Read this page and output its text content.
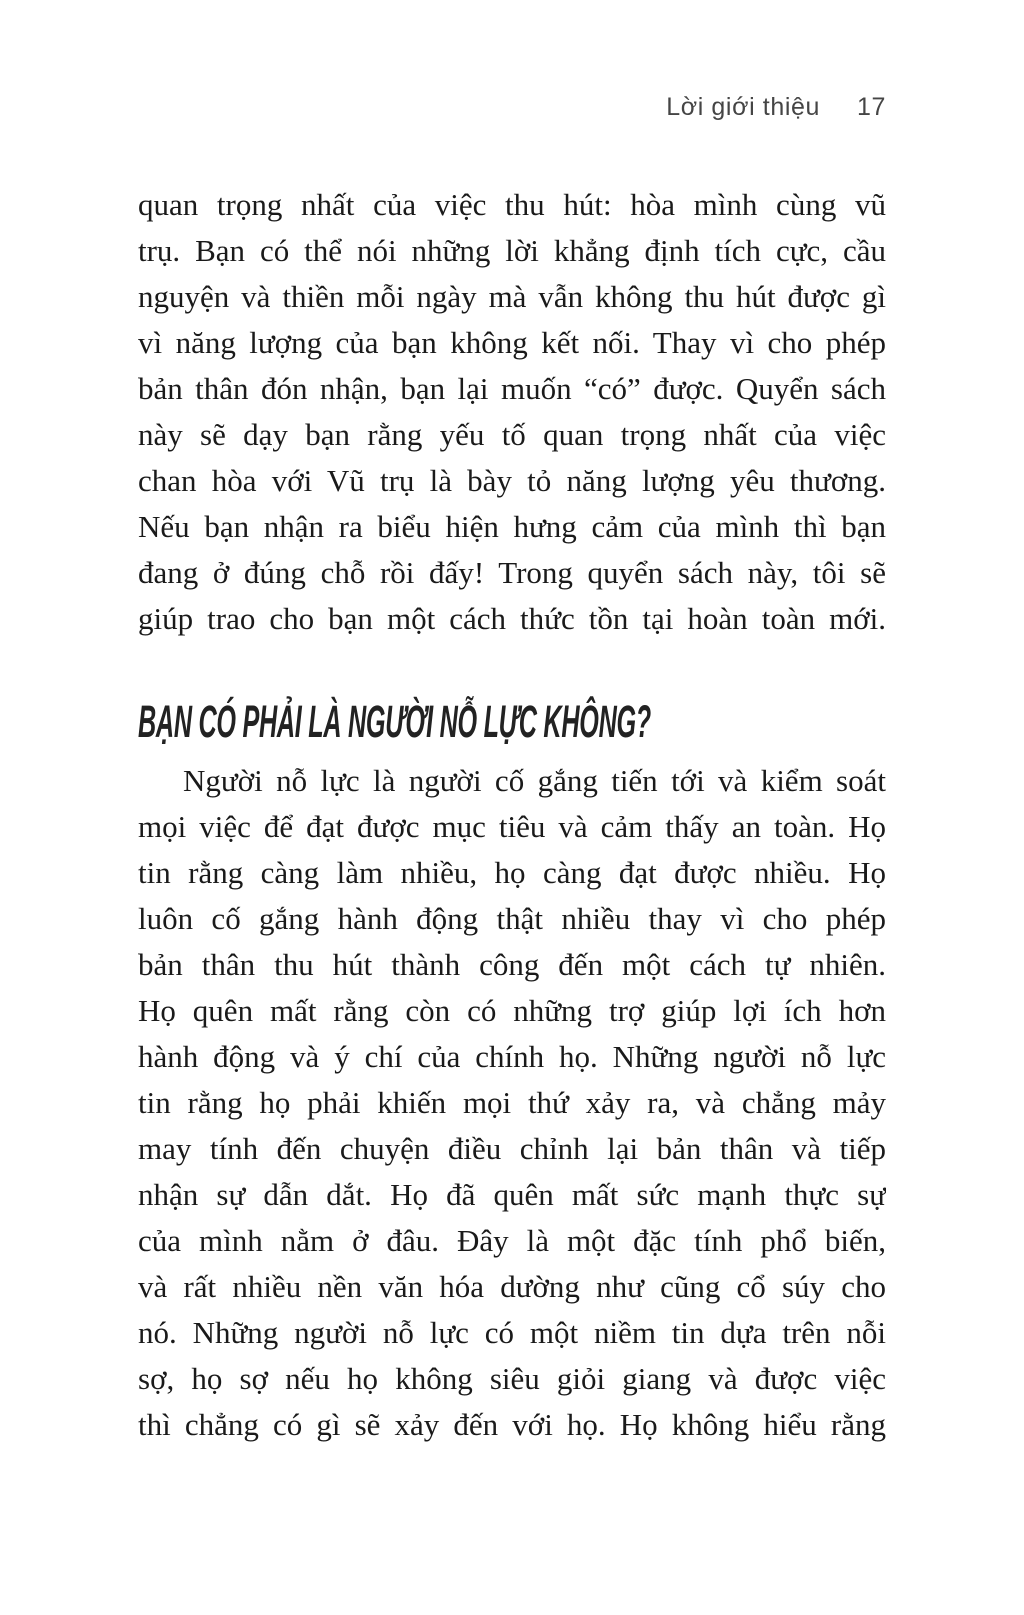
Lời giới thiệu 17
quan trọng nhất của việc thu hút: hòa mình cùng vũ
trụ. Bạn có thể nói những lời khẳng định tích cực, cầu
nguyện và thiền mỗi ngày mà vẫn không thu hút được gì
vì năng lượng của bạn không kết nối. Thay vì cho phép
bản thân đón nhận, bạn lại muốn “có” được. Quyển sách
này sẽ dạy bạn rằng yếu tố quan trọng nhất của việc
chan hòa với Vũ trụ là bày tỏ năng lượng yêu thương.
Nếu bạn nhận ra biểu hiện hưng cảm của mình thì bạn
đang ở đúng chỗ rồi đấy! Trong quyển sách này, tôi sẽ
giúp trao cho bạn một cách thức tồn tại hoàn toàn mới.
BẠN CÓ PHẢI LÀ NGƯỜI NỖ LỰC KHÔNG?
Người nỗ lực là người cố gắng tiến tới và kiểm soát
mọi việc để đạt được mục tiêu và cảm thấy an toàn. Họ
tin rằng càng làm nhiều, họ càng đạt được nhiều. Họ
luôn cố gắng hành động thật nhiều thay vì cho phép
bản thân thu hút thành công đến một cách tự nhiên.
Họ quên mất rằng còn có những trợ giúp lợi ích hơn
hành động và ý chí của chính họ. Những người nỗ lực
tin rằng họ phải khiến mọi thứ xảy ra, và chẳng mảy
may tính đến chuyện điều chỉnh lại bản thân và tiếp
nhận sự dẫn dắt. Họ đã quên mất sức mạnh thực sự
của mình nằm ở đâu. Đây là một đặc tính phổ biến,
và rất nhiều nền văn hóa dường như cũng cổ súy cho
nó. Những người nỗ lực có một niềm tin dựa trên nỗi
sợ, họ sợ nếu họ không siêu giỏi giang và được việc
thì chẳng có gì sẽ xảy đến với họ. Họ không hiểu rằng
